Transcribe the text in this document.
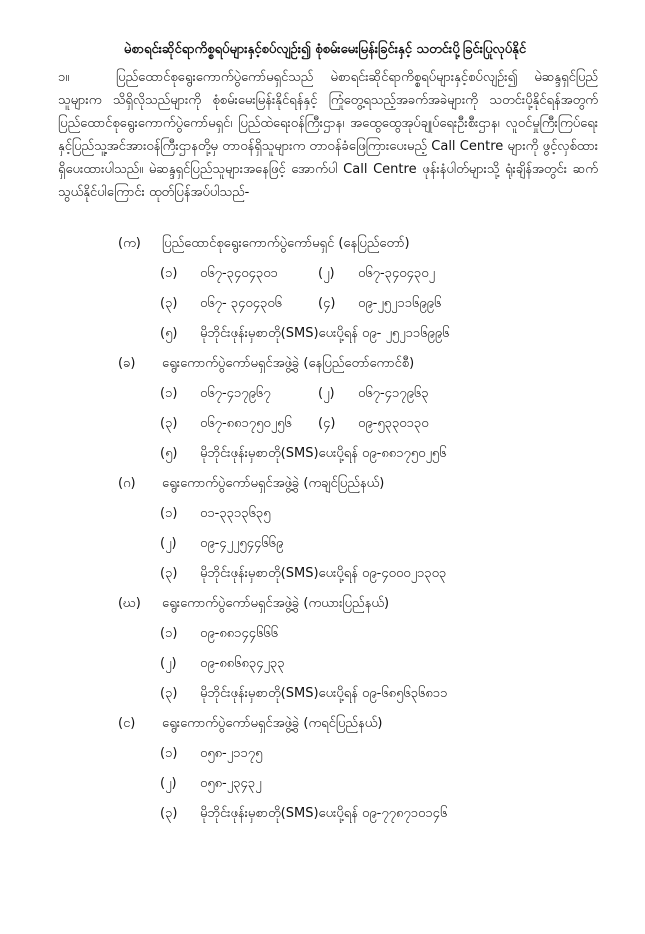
မဲစာရင်းဆိုင်ရာကိစ္စရပ်များနှင့်စပ်လျဉ်း၍ စုံစမ်းမေးမြန်းခြင်းနှင့် သတင်းပို့ခြင်းပြုလုပ်နိုင်
၁။	ပြည်ထောင်စုရွေးကောက်ပွဲကော်မရှင်သည် မဲစာရင်းဆိုင်ရာကိစ္စရပ်များနှင့်စပ်လျဉ်း၍ မဲဆန္ဒရှင်ပြည်သူများက သိရှိလိုသည်များကို စုံစမ်းမေးမြန်းနိုင်ရန်နှင့် ကြုံတွေ့ရသည့်အခက်အခဲများကို သတင်းပို့နိုင်ရန်အတွက် ပြည်ထောင်စုရွေးကောက်ပွဲကော်မရှင်၊ ပြည်ထဲရေးဝန်ကြီးဌာန၊ အထွေထွေအုပ်ချုပ်ရေးဦးစီးဌာန၊ လူဝင်မှုကြီးကြပ်ရေးနှင့်ပြည်သူ့အင်အားဝန်ကြီးဌာနတို့မှ တာဝန်ရှိသူများက တာဝန်ခံဖြေကြားပေးမည့် Call Centre များကို ဖွင့်လှစ်ထားရှိပေးထားပါသည်။ မဲဆန္ဒရှင်ပြည်သူများအနေဖြင့် အောက်ပါ Call Centre ဖုန်းနံပါတ်များသို့ ရုံးချိန်အတွင်း ဆက်သွယ်နိုင်ပါကြောင်း ထုတ်ပြန်အပ်ပါသည်-
(က) ပြည်ထောင်စုရွေးကောက်ပွဲကော်မရှင် (နေပြည်တော်)
(၁) ၀၆၇-၃၄၀၄၃၀၁	(၂) ၀၆၇-၃၄၀၄၃၀၂
(၃) ၀၆၇- ၃၄၀၄၃၀၆	(၄) ၀၉-၂၅၂၁၁၆၉၉၆
(၅) မိုဘိုင်းဖုန်းမှစာတို(SMS)ပေးပို့ရန် ၀၉- ၂၅၂၁၁၆၉၉၆
(ခ) ရွေးကောက်ပွဲကော်မရှင်အဖွဲ့ခွဲ (နေပြည်တော်ကောင်စီ)
(၁) ၀၆၇-၄၁၇၉၆၇	(၂) ၀၆၇-၄၁၇၉၆၃
(၃) ၀၆၇-၈၈၁၇၅၀၂၅၆ (၄) ၀၉-၅၃၃၀၁၃၀
(၅) မိုဘိုင်းဖုန်းမှစာတို(SMS)ပေးပို့ရန် ၀၉-၈၈၁၇၅၀၂၅၆
(ဂ) ရွေးကောက်ပွဲကော်မရှင်အဖွဲ့ခွဲ (ကချင်ပြည်နယ်)
(၁) ၀၁-၃၃၁၃၆၃၅
(၂) ၀၉-၄၂၂၅၄၄၆၆၉
(၃) မိုဘိုင်းဖုန်းမှစာတို(SMS)ပေးပို့ရန် ၀၉-၄၀၀၀၂၁၃၀၃
(ဃ) ရွေးကောက်ပွဲကော်မရှင်အဖွဲ့ခွဲ (ကယားပြည်နယ်)
(၁) ၀၉-၈၈၁၄၄၆၆၆
(၂) ၀၉-၈၈၆၈၃၄၂၃၃
(၃) မိုဘိုင်းဖုန်းမှစာတို(SMS)ပေးပို့ရန် ၀၉-၆၈၅၆၃၆၈၁၁
(င) ရွေးကောက်ပွဲကော်မရှင်အဖွဲ့ခွဲ (ကရင်ပြည်နယ်)
(၁) ၀၅၈-၂၁၁၇၅
(၂) ၀၅၈-၂၃၄၃၂
(၃) မိုဘိုင်းဖုန်းမှစာတို(SMS)ပေးပို့ရန် ၀၉-၇၇၈၇၁၀၁၄၆
